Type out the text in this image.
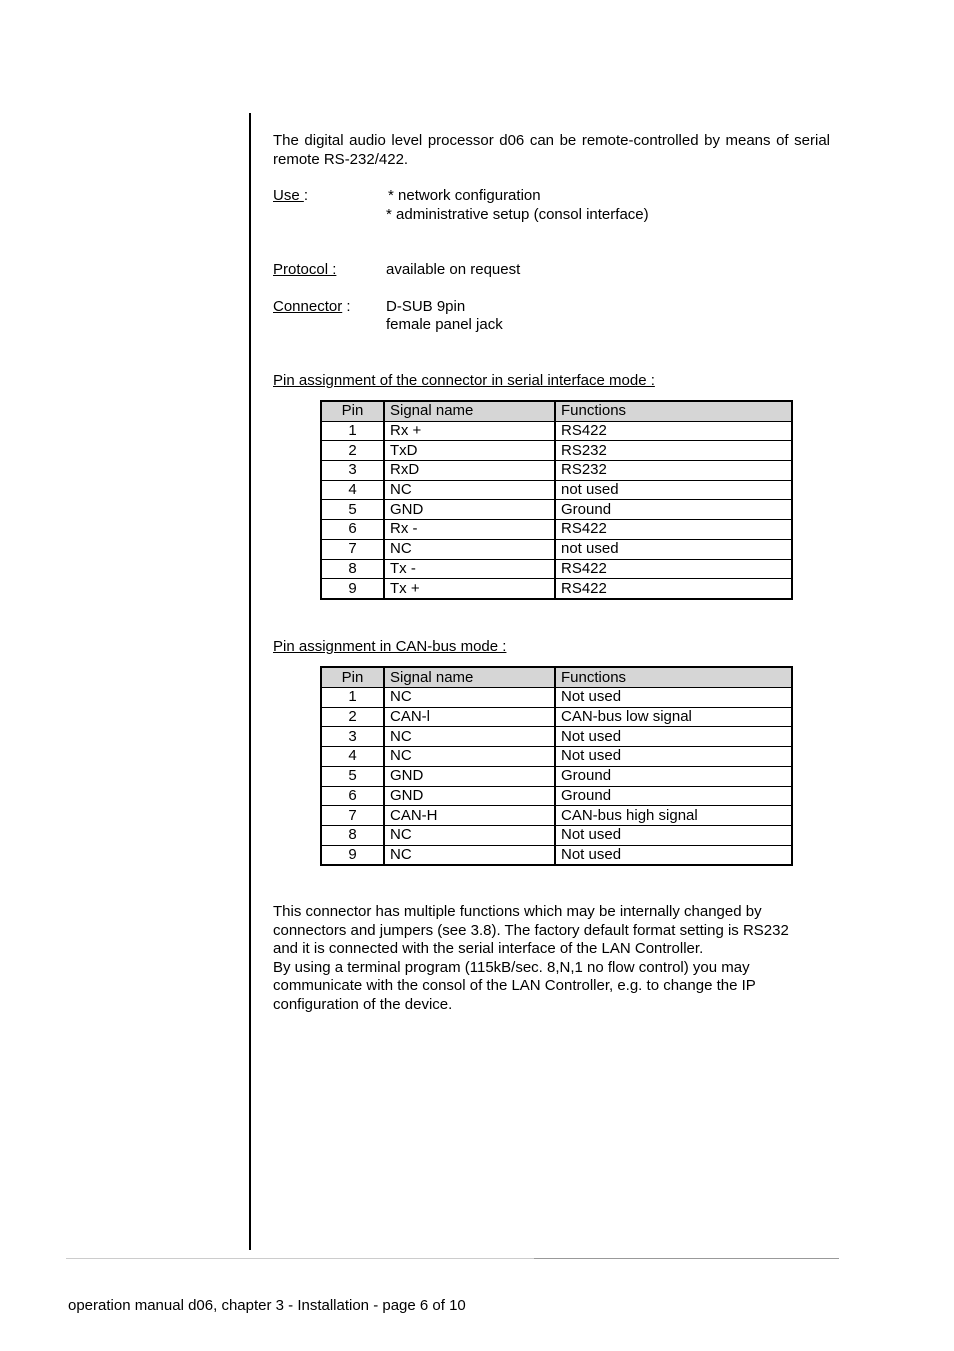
The digital audio level processor d06 can be remote-controlled by means of serial remote RS-232/422.

Use :	* network configuration
* administrative setup (consol interface)
Protocol :	available on request
Connector :	D-SUB 9pin
female panel jack

Pin assignment of the connector in serial interface mode :

Pin	Signal name	Functions
1	Rx +	RS422
2	TxD	RS232
3	RxD	RS232
4	NC	not used
5	GND	Ground
6	Rx -	RS422
7	NC	not used
8	Tx -	RS422
9	Tx +	RS422

Pin assignment in CAN-bus mode :

Pin	Signal name	Functions
1	NC	Not used
2	CAN-l	CAN-bus low signal
3	NC	Not used
4	NC	Not used
5	GND	Ground
6	GND	Ground
7	CAN-H	CAN-bus high signal
8	NC	Not used
9	NC	Not used
This connector has multiple functions which may be internally changed by
connectors and jumpers (see 3.8). The factory default format setting is RS232
and it is connected with the serial interface of the LAN Controller.
By using a terminal program (115kB/sec. 8,N,1 no flow control) you may
communicate with the consol of the LAN Controller, e.g. to change the IP
configuration of the device.
operation manual d06, chapter 3 - Installation - page 6 of 10
